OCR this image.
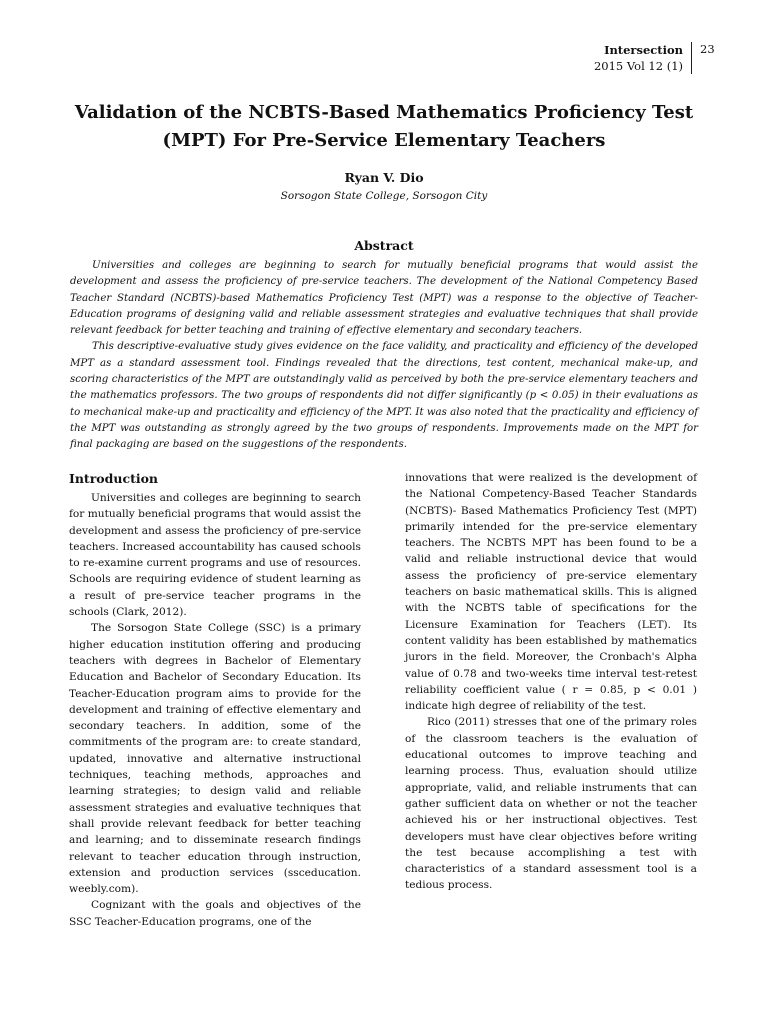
Intersection
2015 Vol 12 (1)
23
Validation of the NCBTS-Based Mathematics Proficiency Test (MPT) For Pre-Service Elementary Teachers
Ryan V. Dio
Sorsogon State College, Sorsogon City
Abstract

Universities and colleges are beginning to search for mutually beneficial programs that would assist the development and assess the proficiency of pre-service teachers. The development of the National Competency Based Teacher Standard (NCBTS)-based Mathematics Proficiency Test (MPT) was a response to the objective of Teacher-Education programs of designing valid and reliable assessment strategies and evaluative techniques that shall provide relevant feedback for better teaching and training of effective elementary and secondary teachers.

This descriptive-evaluative study gives evidence on the face validity, and practicality and efficiency of the developed MPT as a standard assessment tool. Findings revealed that the directions, test content, mechanical make-up, and scoring characteristics of the MPT are outstandingly valid as perceived by both the pre-service elementary teachers and the mathematics professors. The two groups of respondents did not differ significantly (p < 0.05) in their evaluations as to mechanical make-up and practicality and efficiency of the MPT. It was also noted that the practicality and efficiency of the MPT was outstanding as strongly agreed by the two groups of respondents. Improvements made on the MPT for final packaging are based on the suggestions of the respondents.

Introduction

Universities and colleges are beginning to search for mutually beneficial programs that would assist the development and assess the proficiency of pre-service teachers. Increased accountability has caused schools to re-examine current programs and use of resources. Schools are requiring evidence of student learning as a result of pre-service teacher programs in the schools (Clark, 2012).

The Sorsogon State College (SSC) is a primary higher education institution offering and producing teachers with degrees in Bachelor of Elementary Education and Bachelor of Secondary Education. Its Teacher-Education program aims to provide for the development and training of effective elementary and secondary teachers. In addition, some of the commitments of the program are: to create standard, updated, innovative and alternative instructional techniques, teaching methods, approaches and learning strategies; to design valid and reliable assessment strategies and evaluative techniques that shall provide relevant feedback for better teaching and learning; and to disseminate research findings relevant to teacher education through instruction, extension and production services (ssceducation. weebly.com).

Cognizant with the goals and objectives of the SSC Teacher-Education programs, one of the

innovations that were realized is the development of the National Competency-Based Teacher Standards (NCBTS)- Based Mathematics Proficiency Test (MPT) primarily intended for the pre-service elementary teachers. The NCBTS MPT has been found to be a valid and reliable instructional device that would assess the proficiency of pre-service elementary teachers on basic mathematical skills. This is aligned with the NCBTS table of specifications for the Licensure Examination for Teachers (LET). Its content validity has been established by mathematics jurors in the field. Moreover, the Cronbach's Alpha value of 0.78 and two-weeks time interval test-retest reliability coefficient value ( r = 0.85, p < 0.01 ) indicate high degree of reliability of the test.

Rico (2011) stresses that one of the primary roles of the classroom teachers is the evaluation of educational outcomes to improve teaching and learning process. Thus, evaluation should utilize appropriate, valid, and reliable instruments that can gather sufficient data on whether or not the teacher achieved his or her instructional objectives. Test developers must have clear objectives before writing the test because accomplishing a test with characteristics of a standard assessment tool is a tedious process.
